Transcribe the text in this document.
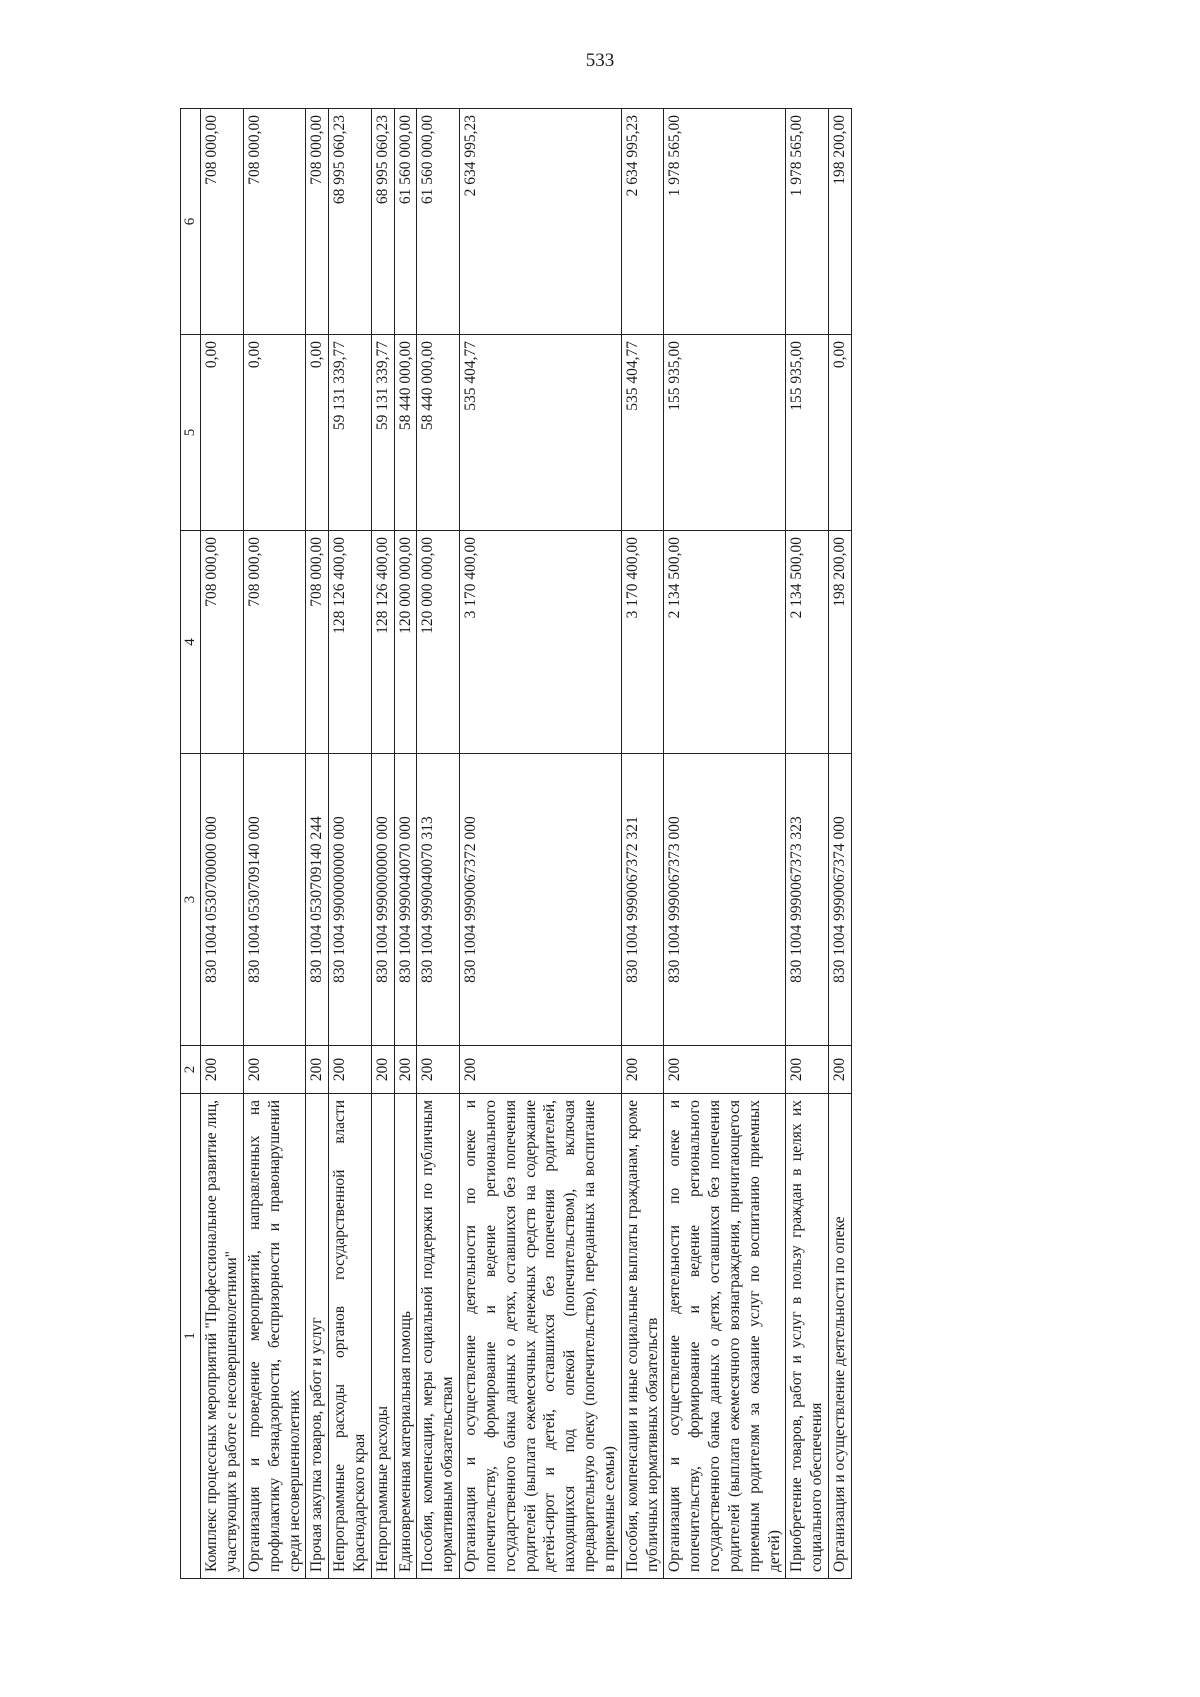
533
1	2	3	4	5	6
Комплекс процессных мероприятий "Профессиональное развитие лиц, участвующих в работе с несовершеннолетними"	200	830 1004 0530700000 000	708 000,00	0,00	708 000,00
Организация и проведение мероприятий, направленных на профилактику безнадзорности, беспризорности и правонарушений среди несовершеннолетних	200	830 1004 0530709140 000	708 000,00	0,00	708 000,00
Прочая закупка товаров, работ и услуг	200	830 1004 0530709140 244	708 000,00	0,00	708 000,00
Непрограммные расходы органов государственной власти Краснодарского края	200	830 1004 9900000000 000	128 126 400,00	59 131 339,77	68 995 060,23
Непрограммные расходы	200	830 1004 9990000000 000	128 126 400,00	59 131 339,77	68 995 060,23
Единовременная материальная помощь	200	830 1004 9990040070 000	120 000 000,00	58 440 000,00	61 560 000,00
Пособия, компенсации, меры социальной поддержки по публичным нормативным обязательствам	200	830 1004 9990040070 313	120 000 000,00	58 440 000,00	61 560 000,00
Организация и осуществление деятельности по опеке и попечительству, формирование и ведение регионального государственного банка данных о детях, оставшихся без попечения родителей (выплата ежемесячных денежных средств на содержание детей-сирот и детей, оставшихся без попечения родителей, находящихся под опекой (попечительством), включая предварительную опеку (попечительство), переданных на воспитание в приемные семьи)	200	830 1004 9990067372 000	3 170 400,00	535 404,77	2 634 995,23
Пособия, компенсации и иные социальные выплаты гражданам, кроме публичных нормативных обязательств	200	830 1004 9990067372 321	3 170 400,00	535 404,77	2 634 995,23
Организация и осуществление деятельности по опеке и попечительству, формирование и ведение регионального государственного банка данных о детях, оставшихся без попечения родителей (выплата ежемесячного вознаграждения, причитающегося приемным родителям за оказание услуг по воспитанию приемных детей)	200	830 1004 9990067373 000	2 134 500,00	155 935,00	1 978 565,00
Приобретение товаров, работ и услуг в пользу граждан в целях их социального обеспечения	200	830 1004 9990067373 323	2 134 500,00	155 935,00	1 978 565,00
Организация и осуществление деятельности по опеке	200	830 1004 9990067374 000	198 200,00	0,00	198 200,00
